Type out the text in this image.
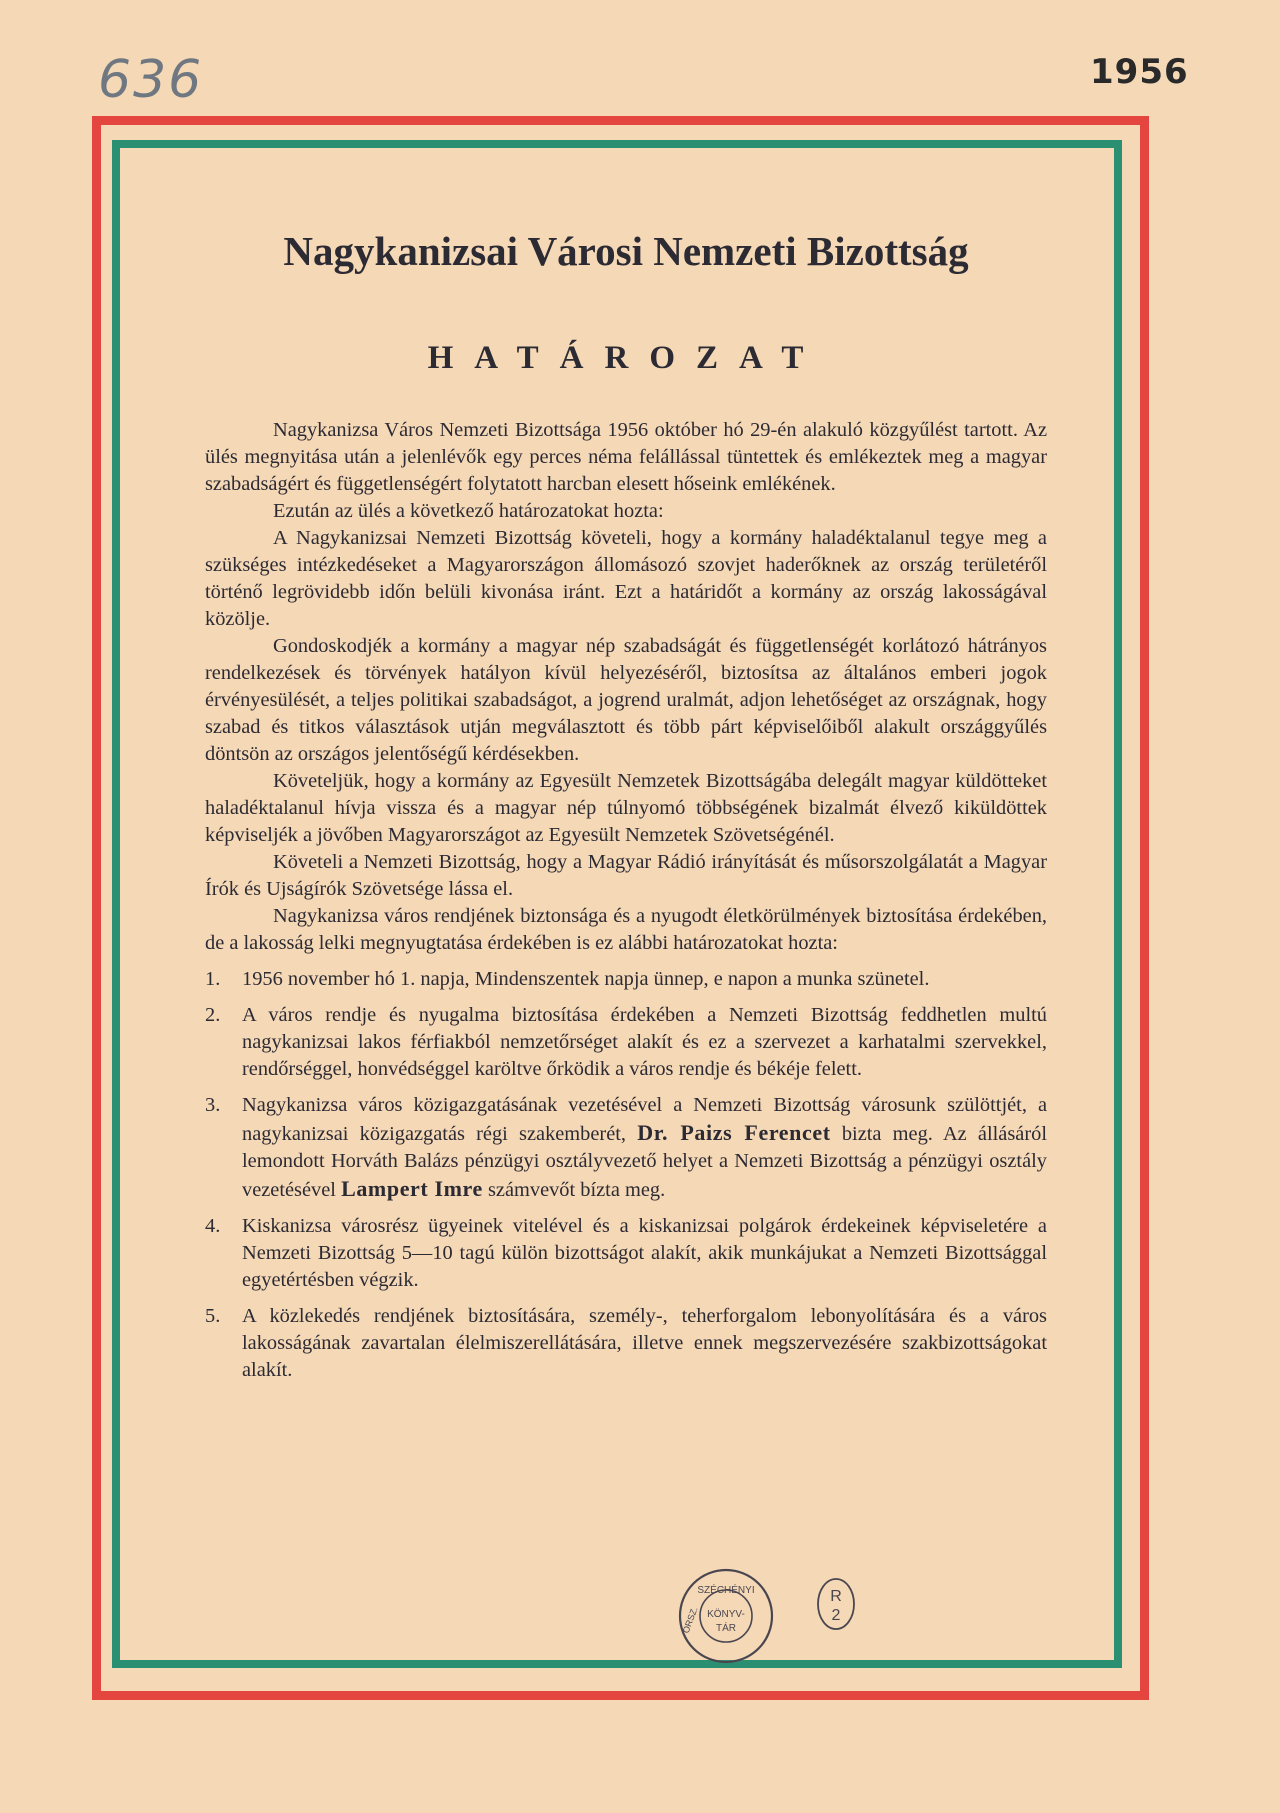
636	1956
Nagykanizsai Városi Nemzeti Bizottság
HATÁROZAT

Nagykanizsa Város Nemzeti Bizottsága 1956 október hó 29-én alakuló közgyűlést tartott. Az ülés megnyitása után a jelenlévők egy perces néma felállással tüntettek és emlékeztek meg a magyar szabadságért és függetlenségért folytatott harcban elesett hőseink emlékének.

Ezután az ülés a következő határozatokat hozta:

A Nagykanizsai Nemzeti Bizottság követeli, hogy a kormány haladéktalanul tegye meg a szükséges intézkedéseket a Magyarországon állomásozó szovjet haderőknek az ország területéről történő legrövidebb időn belüli kivonása iránt. Ezt a határidőt a kormány az ország lakosságával közölje.

Gondoskodjék a kormány a magyar nép szabadságát és függetlenségét korlátozó hátrányos rendelkezések és törvények hatályon kívül helyezéséről, biztosítsa az általános emberi jogok érvényesülését, a teljes politikai szabadságot, a jogrend uralmát, adjon lehetőséget az országnak, hogy szabad és titkos választások utján megválasztott és több párt képviselőiből alakult országgyűlés döntsön az országos jelentőségű kérdésekben.

Követeljük, hogy a kormány az Egyesült Nemzetek Bizottságába delegált magyar küldötteket haladéktalanul hívja vissza és a magyar nép túlnyomó többségének bizalmát élvező kiküldöttek képviseljék a jövőben Magyarországot az Egyesült Nemzetek Szövetségénél.

Követeli a Nemzeti Bizottság, hogy a Magyar Rádió irányítását és műsorszolgálatát a Magyar Írók és Ujságírók Szövetsége lássa el.

Nagykanizsa város rendjének biztonsága és a nyugodt életkörülmények biztosítása érdekében, de a lakosság lelki megnyugtatása érdekében is ez alábbi határozatokat hozta:

1.	1956 november hó 1. napja, Mindenszentek napja ünnep, e napon a munka szünetel.
2.	A város rendje és nyugalma biztosítása érdekében a Nemzeti Bizottság feddhetlen multú nagykanizsai lakos férfiakból nemzetőrséget alakít és ez a szervezet a karhatalmi szervekkel, rendőrséggel, honvédséggel karöltve őrködik a város rendje és békéje felett.
3.	Nagykanizsa város közigazgatásának vezetésével a Nemzeti Bizottság városunk szülöttjét, a nagykanizsai közigazgatás régi szakemberét, Dr. Paizs Ferencet bizta meg. Az állásáról lemondott Horváth Balázs pénzügyi osztályvezető helyet a Nemzeti Bizottság a pénzügyi osztály vezetésével Lampert Imre számvevőt bízta meg.
4.	Kiskanizsa városrész ügyeinek vitelével és a kiskanizsai polgárok érdekeinek képviseletére a Nemzeti Bizottság 5—10 tagú külön bizottságot alakít, akik munkájukat a Nemzeti Bizottsággal egyetértésben végzik.
5.	A közlekedés rendjének biztosítására, személy-, teherforgalom lebonyolítására és a város lakosságának zavartalan élelmiszerellátására, illetve ennek megszervezésére szakbizottságokat alakít.
SZÉCHÉNYI
KÖNYV-
TÁR
ORSZ.
R
2
